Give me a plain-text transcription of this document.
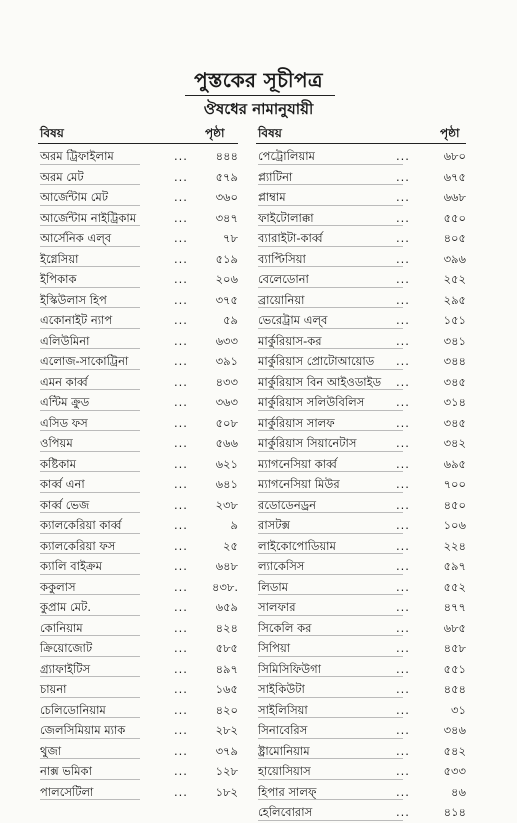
পুস্তকের সূচীপত্র
ঔষধের নামানুযায়ী
বিষয়	পৃষ্ঠা	বিষয়	পৃষ্ঠা
অরম ট্রিফাইলাম	... ৪৪৪
অরম মেট	... ৫৭৯
আর্জেন্টাম মেট	... ৩৬০
আর্জেন্টাম নাইট্রিকাম	... ৩৪৭
আর্সেনিক এল্‌ব	...	৭৮
ইগ্নেসিয়া	... ৫১৯
ইপিকাক	... ২০৬
ইস্কিউলাস হিপ	... ৩৭৫
একোনাইট ন্যাপ	...	৫৯
এলিউমিনা	... ৬৩৩
এলোজ-সাকোট্রিনা	... ৩৯১
এমন কার্ব্ব	... ৪৩৩
এন্টিম ক্রুড	... ৩৬৩
এসিড ফস	... ৫০৮
ওপিয়ম	... ৫৬৬
কষ্টিকাম	... ৬২১
কার্ব্ব এনা	... ৬৪১
কার্ব্ব ভেজ	... ২৩৮
ক্যালকেরিয়া কার্ব্ব	...	৯
ক্যালকেরিয়া ফস	...	২৫
ক্যালি বাইক্রম	... ৬৪৮
ককুলাস	... ৪৩৮.
কুপ্রাম মেট.	... ৬৫৯
কোনিয়াম	... ৪২৪
ক্রিয়োজোট	... ৫৮৫
গ্র্যাফাইটিস	... ৪৯৭
চায়না	... ১৬৫
চেলিডোনিয়াম	... ৪২০
জেলসিমিয়াম ম্যাক	... ২৮২
থুজা	... ৩৭৯
নাক্স ভমিকা	... ১২৮
পালসেটিলা	... ১৮২
পেট্রোলিয়াম	...	৬৮০
প্ল্যাটিনা	...	৬৭৫
প্লাম্বাম	...	৬৬৮
ফাইটোলাক্কা	...	৫৫০
ব্যারাইটা-কার্ব্ব	...	৪০৫
ব্যাপ্টিসিয়া	...	৩৯৬
বেলেডোনা	...	২৫২
ব্রায়োনিয়া	...	২৯৫
ভেরেট্রাম এল্‌ব	...	১৫১
মার্কুরিয়াস-কর	...	৩৪১
মার্কুরিয়াস প্রোটোআয়োড ...	৩৪৪
মার্কুরিয়াস বিন আইওডাইড ...	৩৪৫
মার্কুরিয়াস সলিউবিলিস	...	৩১৪
মার্কুরিয়াস সালফ	...	৩৪৫
মার্কুরিয়াস সিয়ানেটাস	...	৩৪২
ম্যাগনেসিয়া কার্ব্ব	...	৬৯৫
ম্যাগনেসিয়া মিউর	...	৭০০
রডোডেনড্রন	...	৪৫০
রাসটক্স	...	১০৬
লাইকোপোডিয়াম	...	২২৪
ল্যাকেসিস	...	৫৯৭
লিডাম	...	৫৫২
সালফার	...	৪৭৭
সিকেলি কর	...	৬৮৫
সিপিয়া	...	৪৫৮
সিমিসিফিউগা	...	৫৫১
সাইকিউটা	...	৪৫৪
সাইলিসিয়া	...	৩১
সিনাবেরিস	...	৩৪৬
ষ্ট্রামোনিয়াম	...	৫৪২
হায়োসিয়াস	...	৫৩৩
হিপার সালফ্‌	...	৪৬
হেলিবোরাস	...	৪১৪
